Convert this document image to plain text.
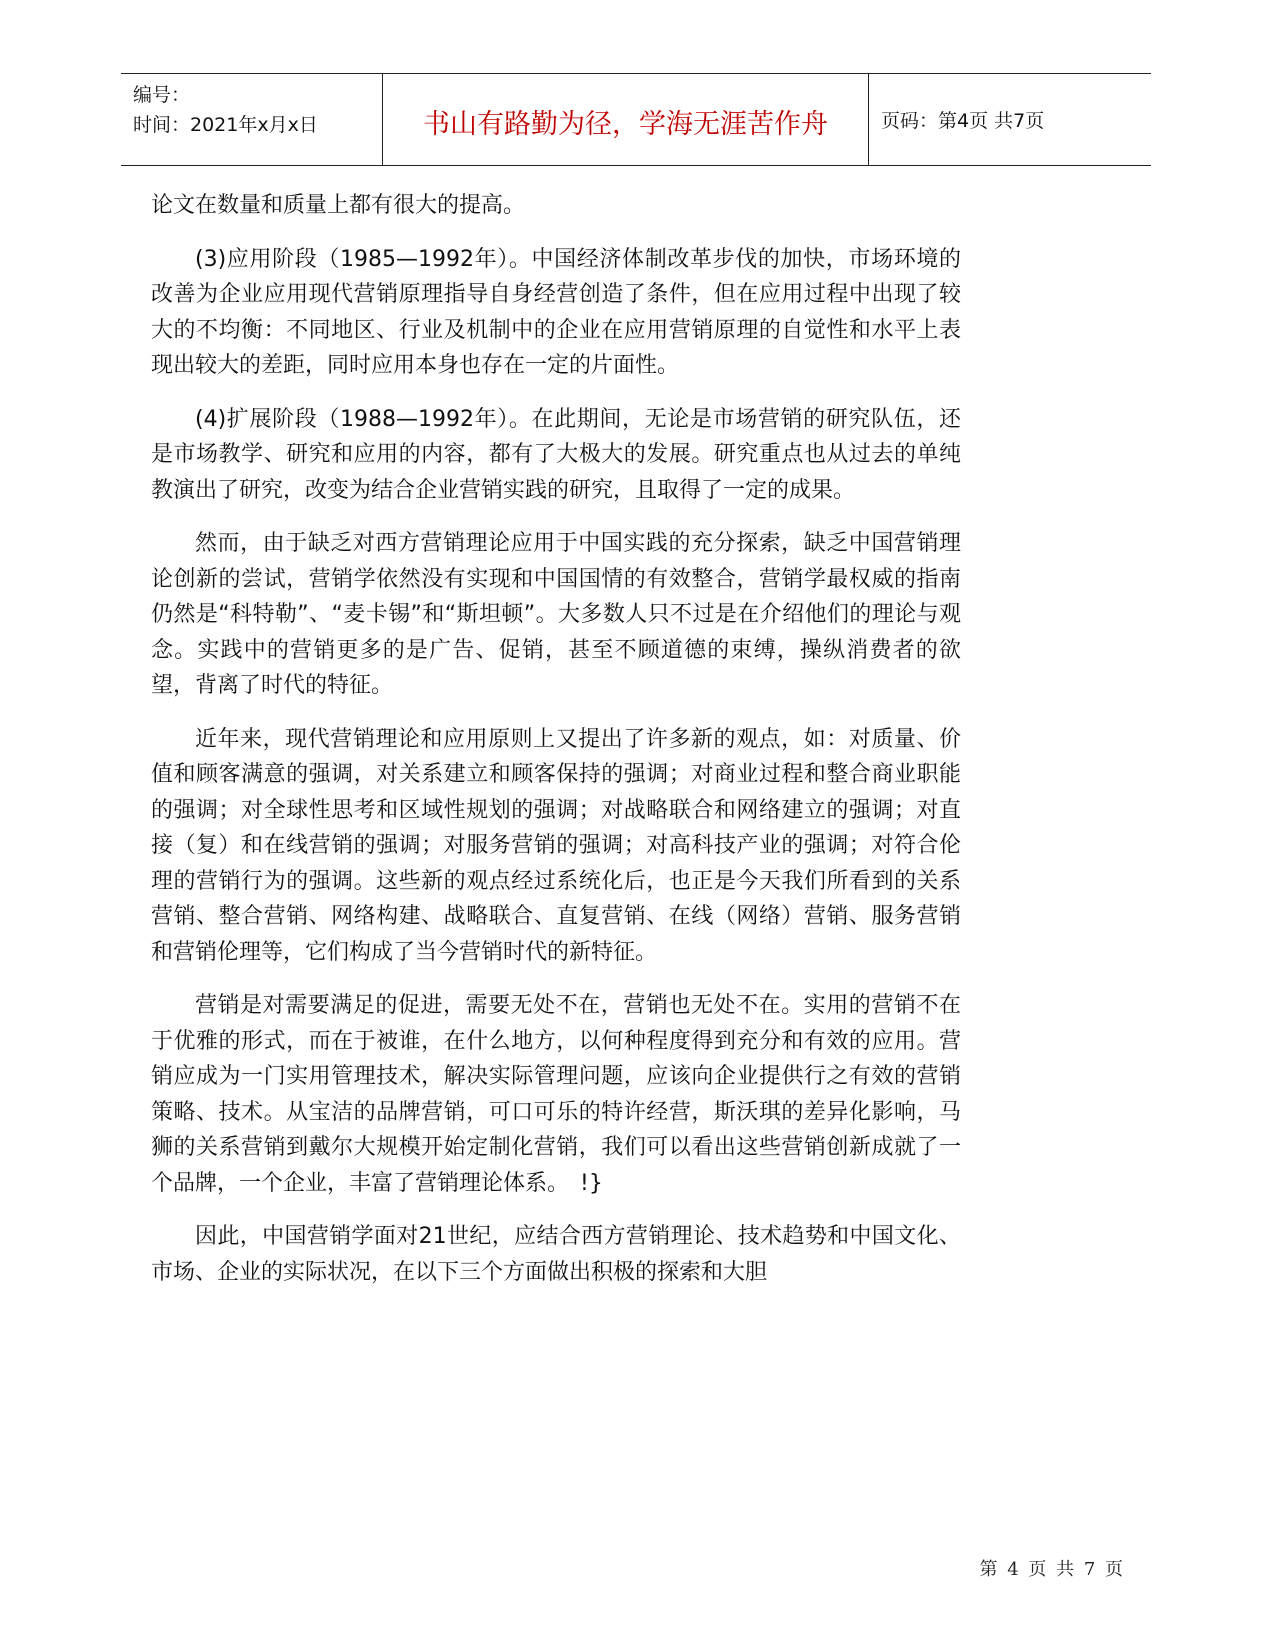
编号：
时间：2021年x月x日	书山有路勤为径，学海无涯苦作舟	页码：第4页 共7页

论文在数量和质量上都有很大的提高。

(3)应用阶段（1985—1992年）。中国经济体制改革步伐的加快，市场环境的改善为企业应用现代营销原理指导自身经营创造了条件，但在应用过程中出现了较大的不均衡：不同地区、行业及机制中的企业在应用营销原理的自觉性和水平上表现出较大的差距，同时应用本身也存在一定的片面性。

(4)扩展阶段（1988—1992年）。在此期间，无论是市场营销的研究队伍，还是市场教学、研究和应用的内容，都有了大极大的发展。研究重点也从过去的单纯教演出了研究，改变为结合企业营销实践的研究，且取得了一定的成果。

然而，由于缺乏对西方营销理论应用于中国实践的充分探索，缺乏中国营销理论创新的尝试，营销学依然没有实现和中国国情的有效整合，营销学最权威的指南仍然是“科特勒”、“麦卡锡”和“斯坦顿”。大多数人只不过是在介绍他们的理论与观念。实践中的营销更多的是广告、促销，甚至不顾道德的束缚，操纵消费者的欲望，背离了时代的特征。

近年来，现代营销理论和应用原则上又提出了许多新的观点，如：对质量、价值和顾客满意的强调，对关系建立和顾客保持的强调；对商业过程和整合商业职能的强调；对全球性思考和区域性规划的强调；对战略联合和网络建立的强调；对直接（复）和在线营销的强调；对服务营销的强调；对高科技产业的强调；对符合伦理的营销行为的强调。这些新的观点经过系统化后，也正是今天我们所看到的关系营销、整合营销、网络构建、战略联合、直复营销、在线（网络）营销、服务营销和营销伦理等，它们构成了当今营销时代的新特征。

营销是对需要满足的促进，需要无处不在，营销也无处不在。实用的营销不在于优雅的形式，而在于被谁，在什么地方，以何种程度得到充分和有效的应用。营销应成为一门实用管理技术，解决实际管理问题，应该向企业提供行之有效的营销策略、技术。从宝洁的品牌营销，可口可乐的特许经营，斯沃琪的差异化影响，马狮的关系营销到戴尔大规模开始定制化营销，我们可以看出这些营销创新成就了一个品牌，一个企业，丰富了营销理论体系。　!}

因此，中国营销学面对21世纪，应结合西方营销理论、技术趋势和中国文化、市场、企业的实际状况，在以下三个方面做出积极的探索和大胆

第 4 页 共 7 页
